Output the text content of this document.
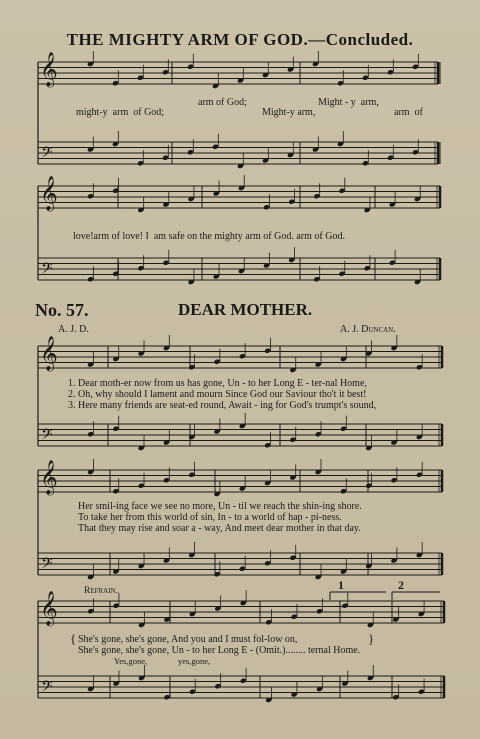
THE MIGHTY ARM OF GOD.—Concluded.
𝄞
𝄢
𝄞
𝄢
𝄞
𝄢
𝄞
𝄢
𝄞
𝄢
arm of God;	Might - y arm,
might-y arm of God;	Might-y arm,	arm of
love!arm of love! I am safe on the mighty arm of God. arm of God.
No. 57.	DEAR MOTHER.
A. J. D.	A. J. Duncan.
1. Dear moth-er now from us has gone, Un - to her Long E - ter-nal Home,
2. Oh, why should I lament and mourn Since God our Saviour tho't it best!
3. Here many friends are seat-ed round, Await - ing for God's trumpt's sound,
Her smil-ing face we see no more, Un - til we reach the shin-ing shore.
To take her from this world of sin, In - to a world of hap - pi-ness.
That they may rise and soar a - way, And meet dear mother in that day.
Refrain.	1	2
{	}
She's gone, she's gone, And you and I must fol-low on,
She's gone, she's gone, Un - to her Long E - (Omit.)........ ternal Home.
Yes,gone,	yes,gone,
